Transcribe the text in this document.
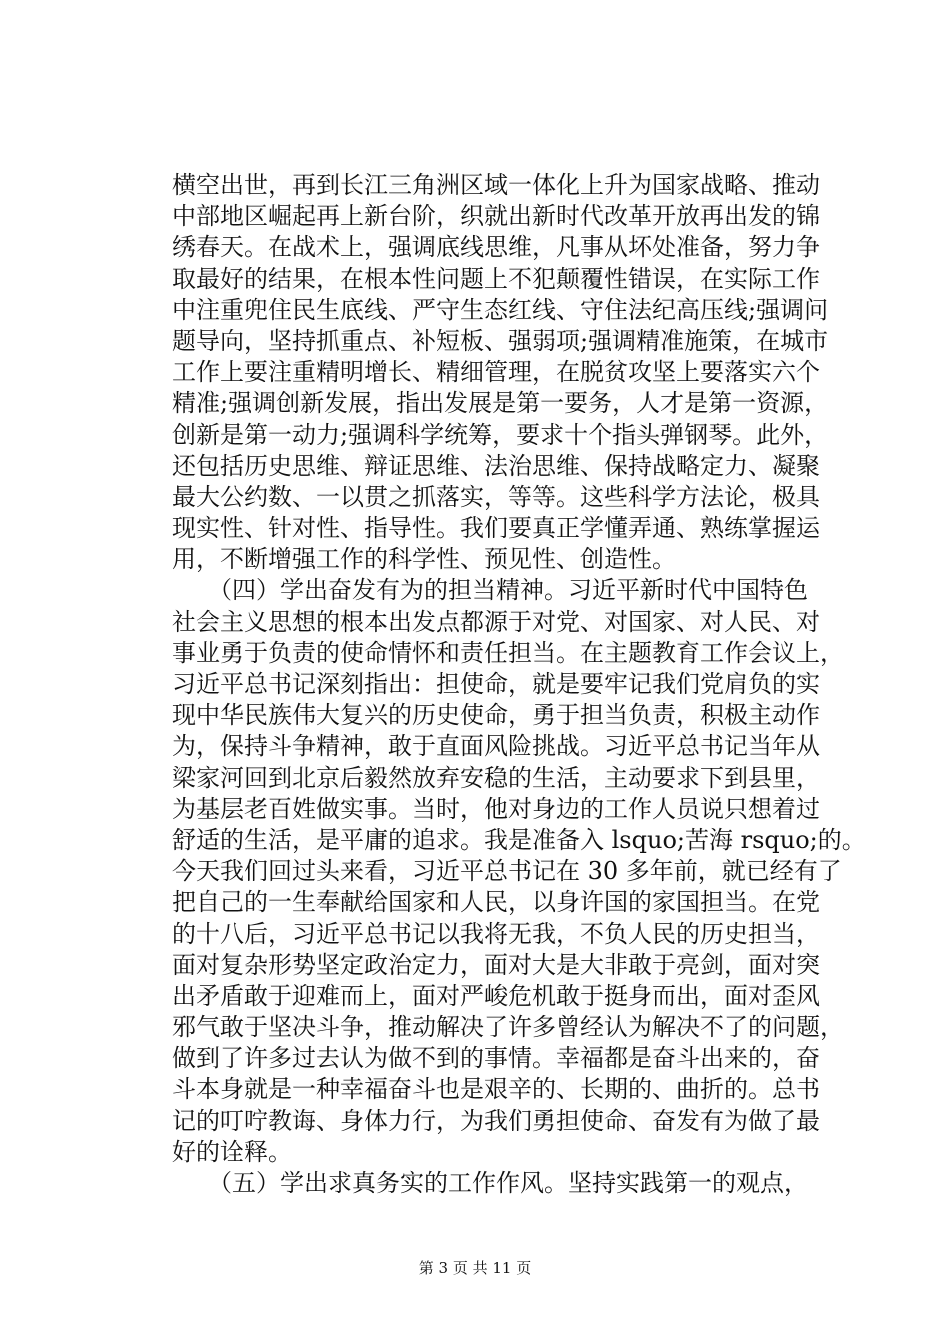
横空出世，再到长江三角洲区域一体化上升为国家战略、推动
中部地区崛起再上新台阶，织就出新时代改革开放再出发的锦
绣春天。在战术上，强调底线思维，凡事从坏处准备，努力争
取最好的结果，在根本性问题上不犯颠覆性错误，在实际工作
中注重兜住民生底线、严守生态红线、守住法纪高压线;强调问
题导向，坚持抓重点、补短板、强弱项;强调精准施策，在城市
工作上要注重精明增长、精细管理，在脱贫攻坚上要落实六个
精准;强调创新发展，指出发展是第一要务，人才是第一资源，
创新是第一动力;强调科学统筹，要求十个指头弹钢琴。此外，
还包括历史思维、辩证思维、法治思维、保持战略定力、凝聚
最大公约数、一以贯之抓落实，等等。这些科学方法论，极具
现实性、针对性、指导性。我们要真正学懂弄通、熟练掌握运
用，不断增强工作的科学性、预见性、创造性。
　　（四）学出奋发有为的担当精神。习近平新时代中国特色
社会主义思想的根本出发点都源于对党、对国家、对人民、对
事业勇于负责的使命情怀和责任担当。在主题教育工作会议上，
习近平总书记深刻指出：担使命，就是要牢记我们党肩负的实
现中华民族伟大复兴的历史使命，勇于担当负责，积极主动作
为，保持斗争精神，敢于直面风险挑战。习近平总书记当年从
梁家河回到北京后毅然放弃安稳的生活，主动要求下到县里，
为基层老百姓做实事。当时，他对身边的工作人员说只想着过
舒适的生活，是平庸的追求。我是准备入 lsquo;苦海 rsquo;的。
今天我们回过头来看，习近平总书记在 30 多年前，就已经有了
把自己的一生奉献给国家和人民，以身许国的家国担当。在党
的十八后，习近平总书记以我将无我，不负人民的历史担当，
面对复杂形势坚定政治定力，面对大是大非敢于亮剑，面对突
出矛盾敢于迎难而上，面对严峻危机敢于挺身而出，面对歪风
邪气敢于坚决斗争，推动解决了许多曾经认为解决不了的问题，
做到了许多过去认为做不到的事情。幸福都是奋斗出来的，奋
斗本身就是一种幸福奋斗也是艰辛的、长期的、曲折的。总书
记的叮咛教诲、身体力行，为我们勇担使命、奋发有为做了最
好的诠释。
　　（五）学出求真务实的工作作风。坚持实践第一的观点，
第 3 页 共 11 页
